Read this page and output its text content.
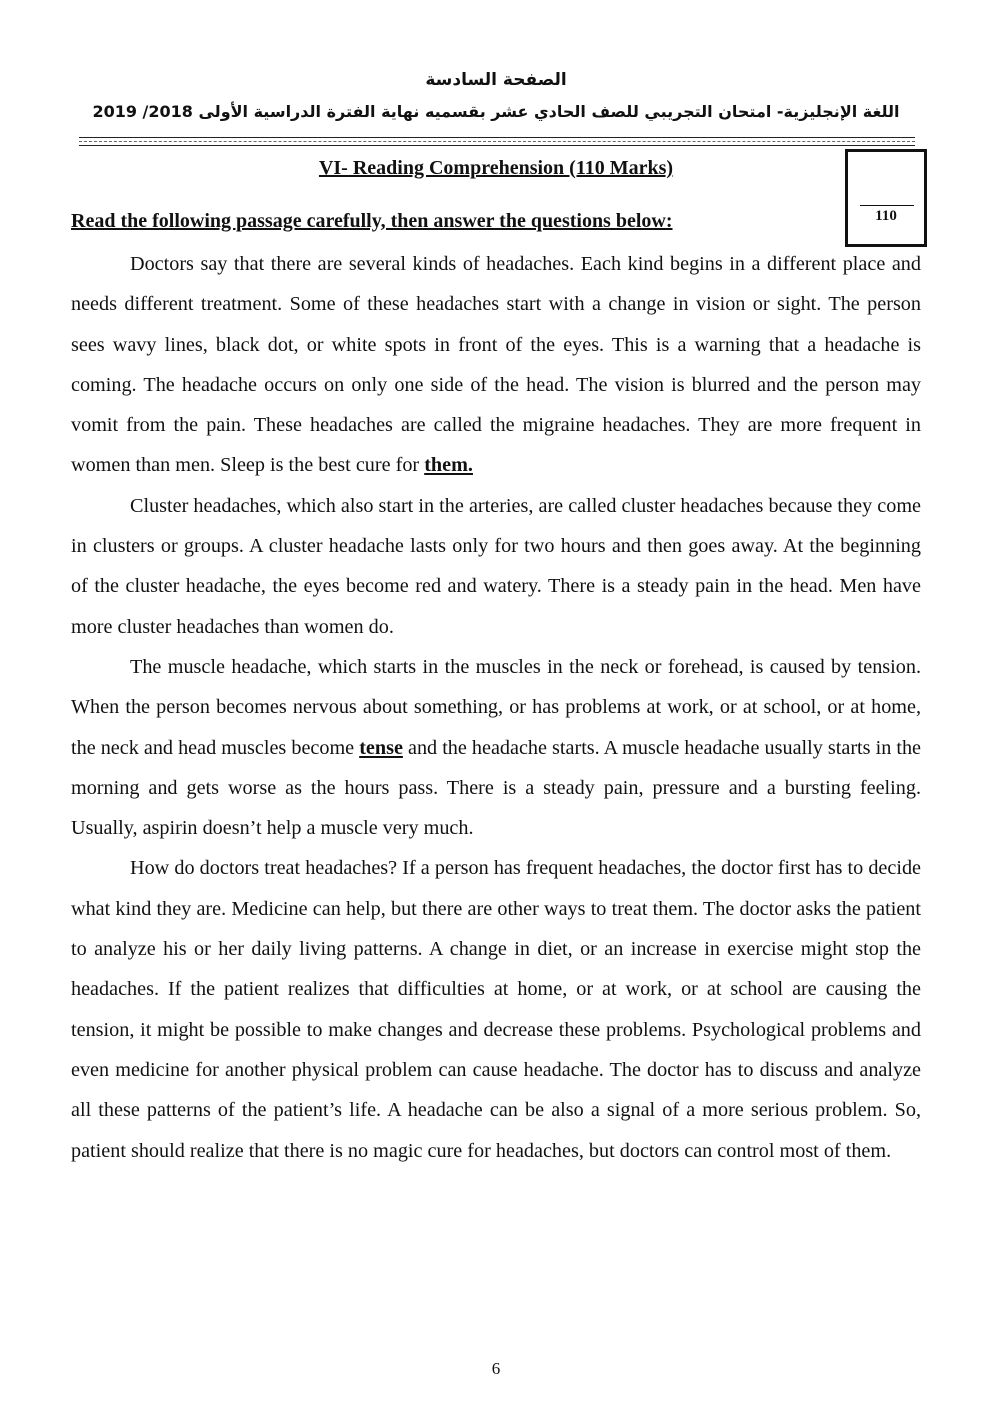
الصفحة السادسة
اللغة الإنجليزية- امتحان التجريبي للصف الحادي عشر بقسميه نهاية الفترة الدراسية الأولى 2018/ 2019
VI- Reading Comprehension (110 Marks)
110
Read the following passage carefully, then answer the questions below:

Doctors say that there are several kinds of headaches. Each kind begins in a different place and needs different treatment. Some of these headaches start with a change in vision or sight. The person sees wavy lines, black dot, or white spots in front of the eyes. This is a warning that a headache is coming. The headache occurs on only one side of the head. The vision is blurred and the person may vomit from the pain. These headaches are called the migraine headaches. They are more frequent in women than men. Sleep is the best cure for them.

Cluster headaches, which also start in the arteries, are called cluster headaches because they come in clusters or groups. A cluster headache lasts only for two hours and then goes away. At the beginning of the cluster headache, the eyes become red and watery. There is a steady pain in the head. Men have more cluster headaches than women do.

The muscle headache, which starts in the muscles in the neck or forehead, is caused by tension. When the person becomes nervous about something, or has problems at work, or at school, or at home, the neck and head muscles become tense and the headache starts. A muscle headache usually starts in the morning and gets worse as the hours pass. There is a steady pain, pressure and a bursting feeling. Usually, aspirin doesn’t help a muscle very much.

How do doctors treat headaches? If a person has frequent headaches, the doctor first has to decide what kind they are. Medicine can help, but there are other ways to treat them. The doctor asks the patient to analyze his or her daily living patterns. A change in diet, or an increase in exercise might stop the headaches. If the patient realizes that difficulties at home, or at work, or at school are causing the tension, it might be possible to make changes and decrease these problems. Psychological problems and even medicine for another physical problem can cause headache. The doctor has to discuss and analyze all these patterns of the patient’s life. A headache can be also a signal of a more serious problem. So, patient should realize that there is no magic cure for headaches, but doctors can control most of them.

6
